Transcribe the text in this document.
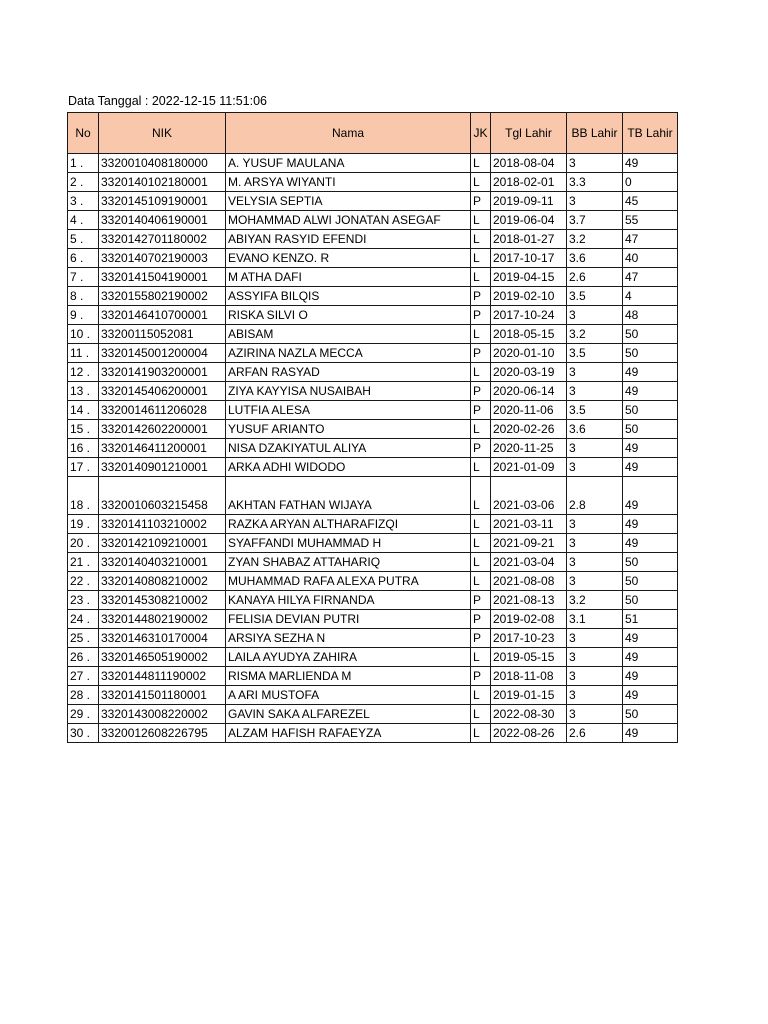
Data Tanggal : 2022-12-15 11:51:06
No	NIK	Nama	JK	Tgl Lahir	BB Lahir	TB Lahir
1 .	3320010408180000	A. YUSUF MAULANA	L	2018-08-04	3	49
2 .	3320140102180001	M. ARSYA WIYANTI	L	2018-02-01	3.3	0
3 .	3320145109190001	VELYSIA SEPTIA	P	2019-09-11	3	45
4 .	3320140406190001	MOHAMMAD ALWI JONATAN ASEGAF	L	2019-06-04	3.7	55
5 .	3320142701180002	ABIYAN RASYID EFENDI	L	2018-01-27	3.2	47
6 .	3320140702190003	EVANO KENZO. R	L	2017-10-17	3.6	40
7 .	3320141504190001	M ATHA DAFI	L	2019-04-15	2.6	47
8 .	3320155802190002	ASSYIFA BILQIS	P	2019-02-10	3.5	4
9 .	3320146410700001	RISKA SILVI O	P	2017-10-24	3	48
10 .	33200115052081	ABISAM	L	2018-05-15	3.2	50
11 .	3320145001200004	AZIRINA NAZLA MECCA	P	2020-01-10	3.5	50
12 .	3320141903200001	ARFAN RASYAD	L	2020-03-19	3	49
13 .	3320145406200001	ZIYA KAYYISA NUSAIBAH	P	2020-06-14	3	49
14 .	3320014611206028	LUTFIA ALESA	P	2020-11-06	3.5	50
15 .	3320142602200001	YUSUF ARIANTO	L	2020-02-26	3.6	50
16 .	3320146411200001	NISA DZAKIYATUL ALIYA	P	2020-11-25	3	49
17 .	3320140901210001	ARKA ADHI WIDODO	L	2021-01-09	3	49
18 .	3320010603215458	AKHTAN FATHAN WIJAYA	L	2021-03-06	2.8	49
19 .	3320141103210002	RAZKA ARYAN ALTHARAFIZQI	L	2021-03-11	3	49
20 .	3320142109210001	SYAFFANDI MUHAMMAD H	L	2021-09-21	3	49
21 .	3320140403210001	ZYAN SHABAZ ATTAHARIQ	L	2021-03-04	3	50
22 .	3320140808210002	MUHAMMAD RAFA ALEXA PUTRA	L	2021-08-08	3	50
23 .	3320145308210002	KANAYA HILYA FIRNANDA	P	2021-08-13	3.2	50
24 .	3320144802190002	FELISIA DEVIAN PUTRI	P	2019-02-08	3.1	51
25 .	3320146310170004	ARSIYA SEZHA N	P	2017-10-23	3	49
26 .	3320146505190002	LAILA AYUDYA ZAHIRA	L	2019-05-15	3	49
27 .	3320144811190002	RISMA MARLIENDA M	P	2018-11-08	3	49
28 .	3320141501180001	A ARI MUSTOFA	L	2019-01-15	3	49
29 .	3320143008220002	GAVIN SAKA ALFAREZEL	L	2022-08-30	3	50
30 .	3320012608226795	ALZAM HAFISH RAFAEYZA	L	2022-08-26	2.6	49
